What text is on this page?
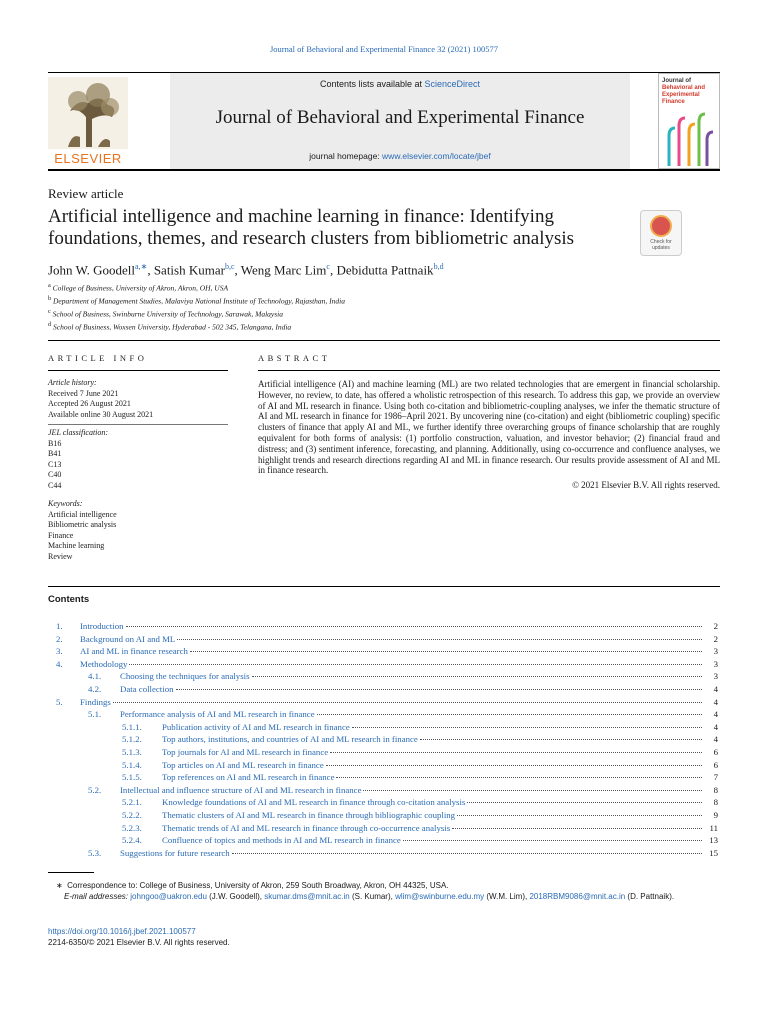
Journal of Behavioral and Experimental Finance 32 (2021) 100577
ELSEVIER
Contents lists available at ScienceDirect
Journal of Behavioral and Experimental Finance
journal homepage: www.elsevier.com/locate/jbef
Journal of
Behavioral and
Experimental Finance
Review article
Artificial intelligence and machine learning in finance: Identifying foundations, themes, and research clusters from bibliometric analysis	Check for
updates
John W. Goodell$^{a,∗}$, Satish Kumar$^{b,c}$, Weng Marc Lim$^c$, Debidutta Pattnaik$^{b,d}$
$^a$ College of Business, University of Akron, Akron, OH, USA
$^b$ Department of Management Studies, Malaviya National Institute of Technology, Rajasthan, India
$^c$ School of Business, Swinburne University of Technology, Sarawak, Malaysia
$^d$ School of Business, Woxsen University, Hyderabad - 502 345, Telangana, India
ARTICLE INFO	ABSTRACT
Article history:
Received 7 June 2021
Accepted 26 August 2021
Available online 30 August 2021
JEL classification:
B16
B41
C13
C40
C44
Keywords:
Artificial intelligence
Bibliometric analysis
Finance
Machine learning
Review
Artificial intelligence (AI) and machine learning (ML) are two related technologies that are emergent in financial scholarship. However, no review, to date, has offered a wholistic retrospection of this research. To address this gap, we provide an overview of AI and ML research in finance. Using both co-citation and bibliometric-coupling analyses, we infer the thematic structure of AI and ML research in finance for 1986–April 2021. By uncovering nine (co-citation) and eight (bibliometric coupling) specific clusters of finance that apply AI and ML, we further identify three overarching groups of finance scholarship that are roughly equivalent for both forms of analysis: (1) portfolio construction, valuation, and investor behavior; (2) financial fraud and distress; and (3) sentiment inference, forecasting, and planning. Additionally, using co-occurrence and confluence analyses, we highlight trends and research directions regarding AI and ML in finance research. Our results provide assessment of AI and ML in finance research.
© 2021 Elsevier B.V. All rights reserved.
Contents
1.	Introduction	2
2.	Background on AI and ML	2
3.	AI and ML in finance research	3
4.	Methodology	3
4.1.	Choosing the techniques for analysis	3
4.2.	Data collection	4
5.	Findings	4
5.1.	Performance analysis of AI and ML research in finance	4
5.1.1.	Publication activity of AI and ML research in finance	4
5.1.2.	Top authors, institutions, and countries of AI and ML research in finance	4
5.1.3.	Top journals for AI and ML research in finance	6
5.1.4.	Top articles on AI and ML research in finance	6
5.1.5.	Top references on AI and ML research in finance	7
5.2.	Intellectual and influence structure of AI and ML research in finance	8
5.2.1.	Knowledge foundations of AI and ML research in finance through co-citation analysis	8
5.2.2.	Thematic clusters of AI and ML research in finance through bibliographic coupling	9
5.2.3.	Thematic trends of AI and ML research in finance through co-occurrence analysis	11
5.2.4.	Confluence of topics and methods in AI and ML research in finance	13
5.3.	Suggestions for future research	15
∗ Correspondence to: College of Business, University of Akron, 259 South Broadway, Akron, OH 44325, USA.
E-mail addresses: johngoo@uakron.edu (J.W. Goodell), skumar.dms@mnit.ac.in (S. Kumar), wlim@swinburne.edu.my (W.M. Lim), 2018RBM9086@mnit.ac.in (D. Pattnaik).
https://doi.org/10.1016/j.jbef.2021.100577
2214-6350/© 2021 Elsevier B.V. All rights reserved.
